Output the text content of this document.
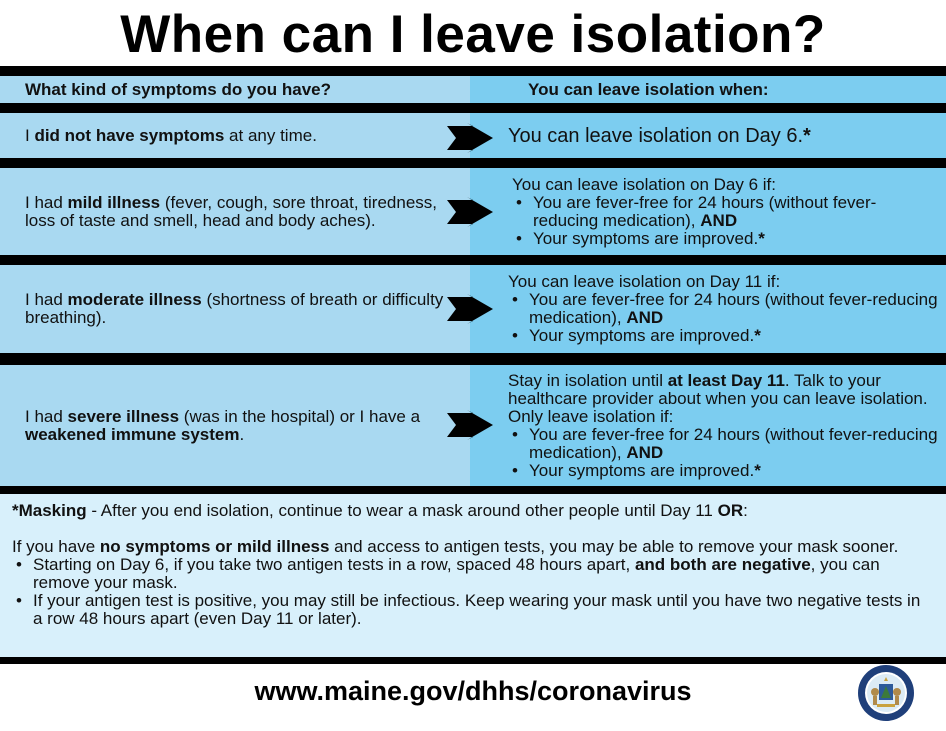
When can I leave isolation?
What kind of symptoms do you have?	You can leave isolation when:
I did not have symptoms at any time.	You can leave isolation on Day 6.*
I had mild illness (fever, cough, sore throat, tiredness, loss of taste and smell, head and body aches).
You can leave isolation on Day 6 if:
• You are fever-free for 24 hours (without fever-reducing medication), AND
• Your symptoms are improved.*
I had moderate illness (shortness of breath or difficulty breathing).
You can leave isolation on Day 11 if:
• You are fever-free for 24 hours (without fever-reducing medication), AND
• Your symptoms are improved.*
I had severe illness (was in the hospital) or I have a weakened immune system.
Stay in isolation until at least Day 11. Talk to your healthcare provider about when you can leave isolation. Only leave isolation if:
• You are fever-free for 24 hours (without fever-reducing medication), AND
• Your symptoms are improved.*

*Masking - After you end isolation, continue to wear a mask around other people until Day 11 OR:

If you have no symptoms or mild illness and access to antigen tests, you may be able to remove your mask sooner.

• Starting on Day 6, if you take two antigen tests in a row, spaced 48 hours apart, and both are negative, you can remove your mask.
• If your antigen test is positive, you may still be infectious. Keep wearing your mask until you have two negative tests in a row 48 hours apart (even Day 11 or later).
www.maine.gov/dhhs/coronavirus
